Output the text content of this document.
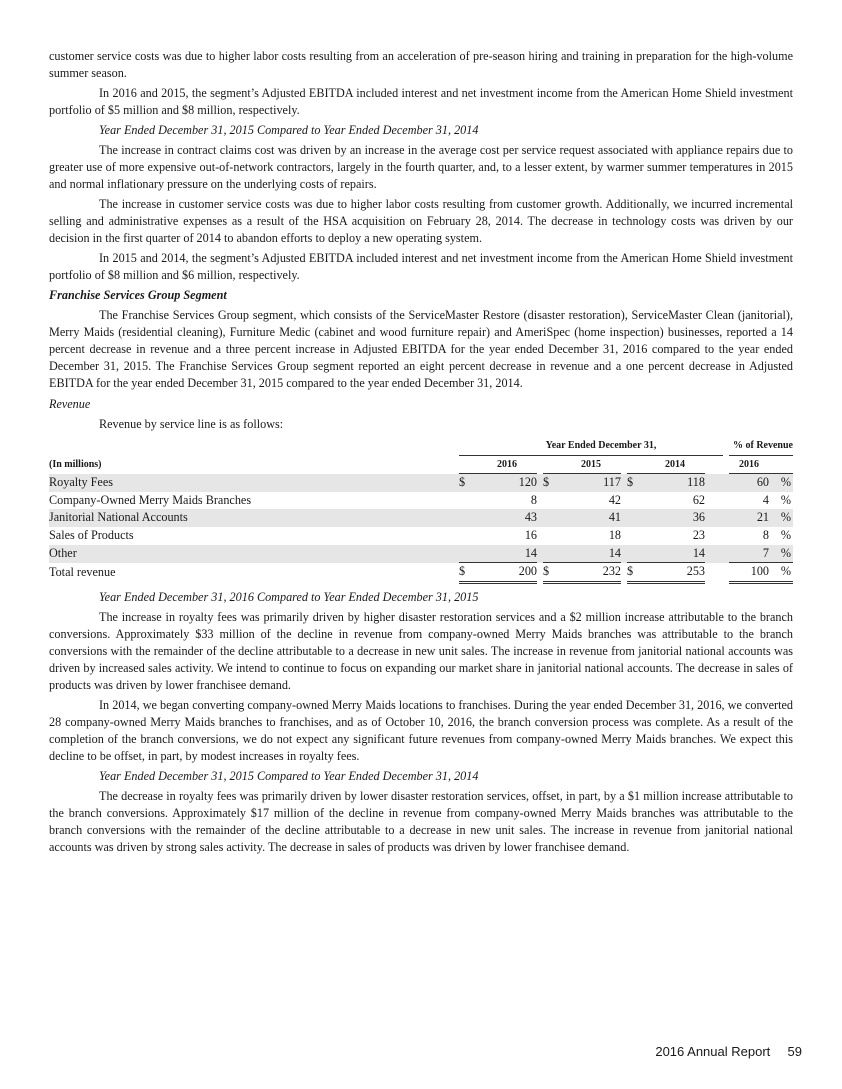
customer service costs was due to higher labor costs resulting from an acceleration of pre-season hiring and training in preparation for the high-volume summer season.

In 2016 and 2015, the segment’s Adjusted EBITDA included interest and net investment income from the American Home Shield investment portfolio of $5 million and $8 million, respectively.

Year Ended December 31, 2015 Compared to Year Ended December 31, 2014

The increase in contract claims cost was driven by an increase in the average cost per service request associated with appliance repairs due to greater use of more expensive out-of-network contractors, largely in the fourth quarter, and, to a lesser extent, by warmer summer temperatures in 2015 and normal inflationary pressure on the underlying costs of repairs.

The increase in customer service costs was due to higher labor costs resulting from customer growth. Additionally, we incurred incremental selling and administrative expenses as a result of the HSA acquisition on February 28, 2014. The decrease in technology costs was driven by our decision in the first quarter of 2014 to abandon efforts to deploy a new operating system.

In 2015 and 2014, the segment’s Adjusted EBITDA included interest and net investment income from the American Home Shield investment portfolio of $8 million and $6 million, respectively.

Franchise Services Group Segment

The Franchise Services Group segment, which consists of the ServiceMaster Restore (disaster restoration), ServiceMaster Clean (janitorial), Merry Maids (residential cleaning), Furniture Medic (cabinet and wood furniture repair) and AmeriSpec (home inspection) businesses, reported a 14 percent decrease in revenue and a three percent increase in Adjusted EBITDA for the year ended December 31, 2016 compared to the year ended December 31, 2015. The Franchise Services Group segment reported an eight percent decrease in revenue and a one percent decrease in Adjusted EBITDA for the year ended December 31, 2015 compared to the year ended December 31, 2014.

Revenue

Revenue by service line is as follows:

	Year Ended December 31,												% of Revenue	
(In millions)		2016			2015			2014					2016	
Royalty Fees	$	120		$	117		$	118					60	%
Company-Owned Merry Maids Branches		8			42			62					4	%
Janitorial National Accounts		43			41			36					21	%
Sales of Products		16			18			23					8	%
Other		14			14			14					7	%
Total revenue	$	200		$	232		$	253					100	%

Year Ended December 31, 2016 Compared to Year Ended December 31, 2015

The increase in royalty fees was primarily driven by higher disaster restoration services and a $2 million increase attributable to the branch conversions. Approximately $33 million of the decline in revenue from company-owned Merry Maids branches was attributable to the branch conversions with the remainder of the decline attributable to a decrease in new unit sales. The increase in revenue from janitorial national accounts was driven by increased sales activity. We intend to continue to focus on expanding our market share in janitorial national accounts. The decrease in sales of products was driven by lower franchisee demand.

In 2014, we began converting company-owned Merry Maids locations to franchises. During the year ended December 31, 2016, we converted 28 company-owned Merry Maids branches to franchises, and as of October 10, 2016, the branch conversion process was complete. As a result of the completion of the branch conversions, we do not expect any significant future revenues from company-owned Merry Maids branches. We expect this decline to be offset, in part, by modest increases in royalty fees.

Year Ended December 31, 2015 Compared to Year Ended December 31, 2014

The decrease in royalty fees was primarily driven by lower disaster restoration services, offset, in part, by a $1 million increase attributable to the branch conversions. Approximately $17 million of the decline in revenue from company-owned Merry Maids branches was attributable to the branch conversions with the remainder of the decline attributable to a decrease in new unit sales. The increase in revenue from janitorial national accounts was driven by strong sales activity. The decrease in sales of products was driven by lower franchisee demand.

2016 Annual Report 59
